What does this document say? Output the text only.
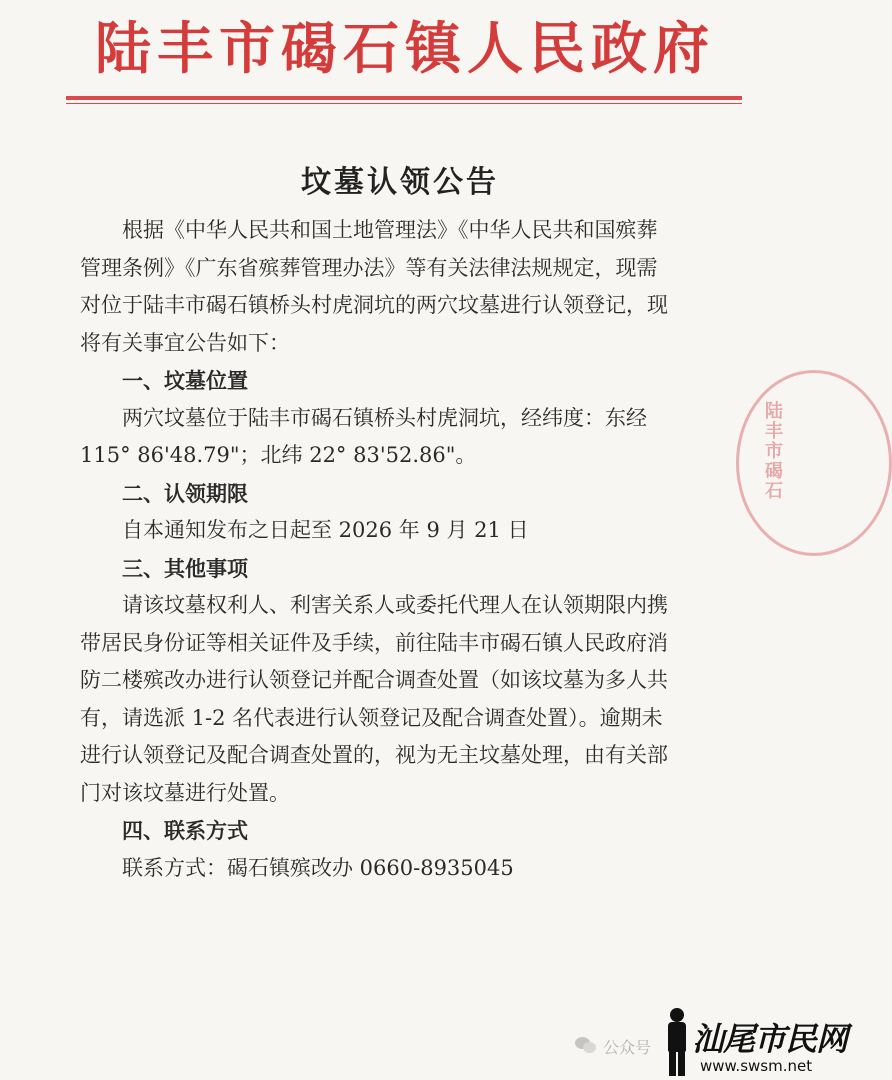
陆丰市碣石镇人民政府
坟墓认领公告

根据《中华人民共和国土地管理法》《中华人民共和国殡葬

管理条例》《广东省殡葬管理办法》等有关法律法规规定，现需

对位于陆丰市碣石镇桥头村虎洞坑的两穴坟墓进行认领登记，现

将有关事宜公告如下：

一、坟墓位置

两穴坟墓位于陆丰市碣石镇桥头村虎洞坑，经纬度：东经

115° 86'48.79"；北纬 22° 83'52.86"。

二、认领期限

自本通知发布之日起至 2026 年 9 月 21 日

三、其他事项

请该坟墓权利人、利害关系人或委托代理人在认领期限内携

带居民身份证等相关证件及手续，前往陆丰市碣石镇人民政府消

防二楼殡改办进行认领登记并配合调查处置（如该坟墓为多人共

有，请选派 1-2 名代表进行认领登记及配合调查处置）。逾期未

进行认领登记及配合调查处置的，视为无主坟墓处理，由有关部

门对该坟墓进行处置。

四、联系方式

联系方式：碣石镇殡改办 0660-8935045

陆丰市碣石
公众号 汕尾市民网
www.swsm.net
